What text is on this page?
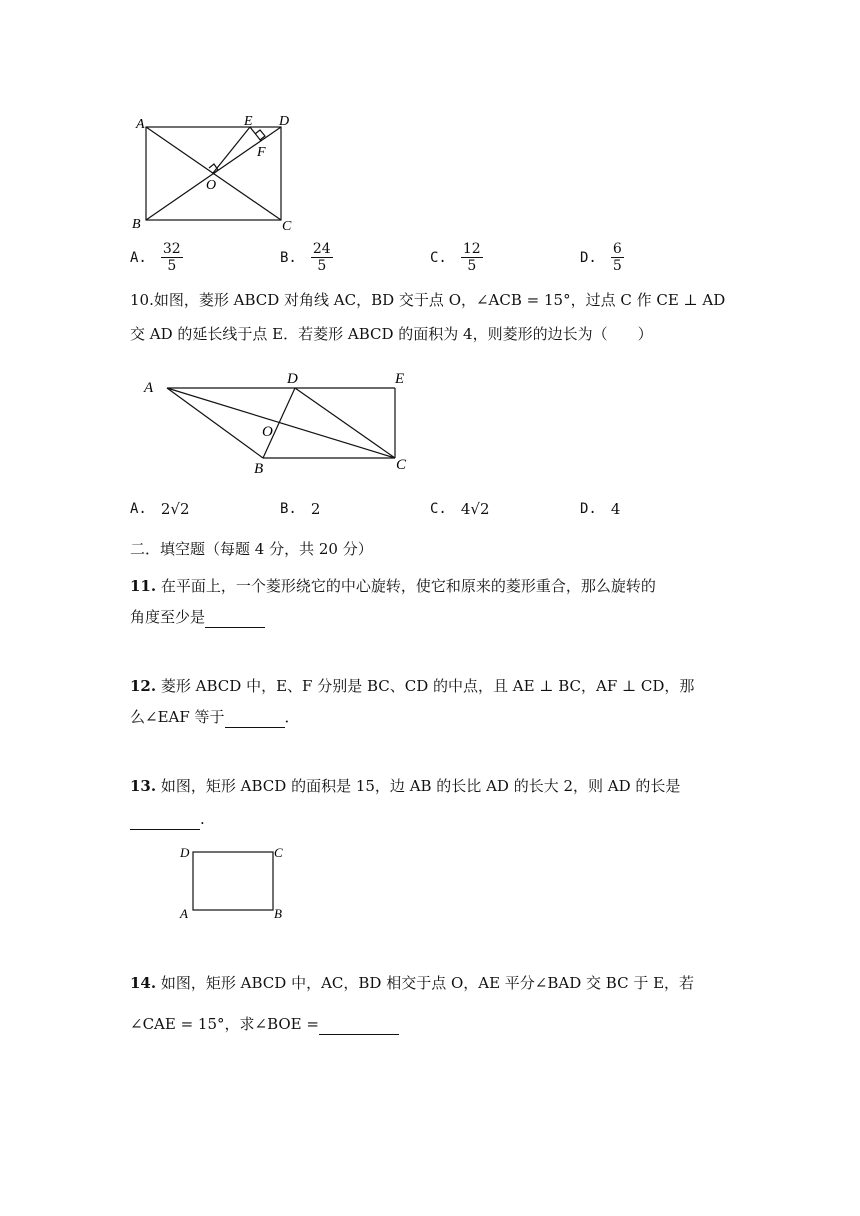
A
B	C
D
E
F
O
A. $\frac{32}{5}$	B. $\frac{24}{5}$	C. $\frac{12}{5}$	D. $\frac{6}{5}$
10.如图，菱形 ABCD 对角线 AC，BD 交于点 O，∠ACB = 15°，过点 C 作 CE ⊥ AD
交 AD 的延长线于点 E．若菱形 ABCD 的面积为 4，则菱形的边长为（　　）
A
D	E
O
B	C
A. 2√2	B. 2	C. 4√2	D. 4
二．填空题（每题 4 分，共 20 分）
11. 在平面上，一个菱形绕它的中心旋转，使它和原来的菱形重合，那么旋转的
角度至少是
12. 菱形 ABCD 中，E、F 分别是 BC、CD 的中点，且 AE ⊥ BC，AF ⊥ CD，那
么∠EAF 等于	．
13. 如图，矩形 ABCD 的面积是 15，边 AB 的长比 AD 的长大 2，则 AD 的长是
.
D	C
A	B
14. 如图，矩形 ABCD 中，AC，BD 相交于点 O，AE 平分∠BAD 交 BC 于 E，若
∠CAE = 15°，求∠BOE =
